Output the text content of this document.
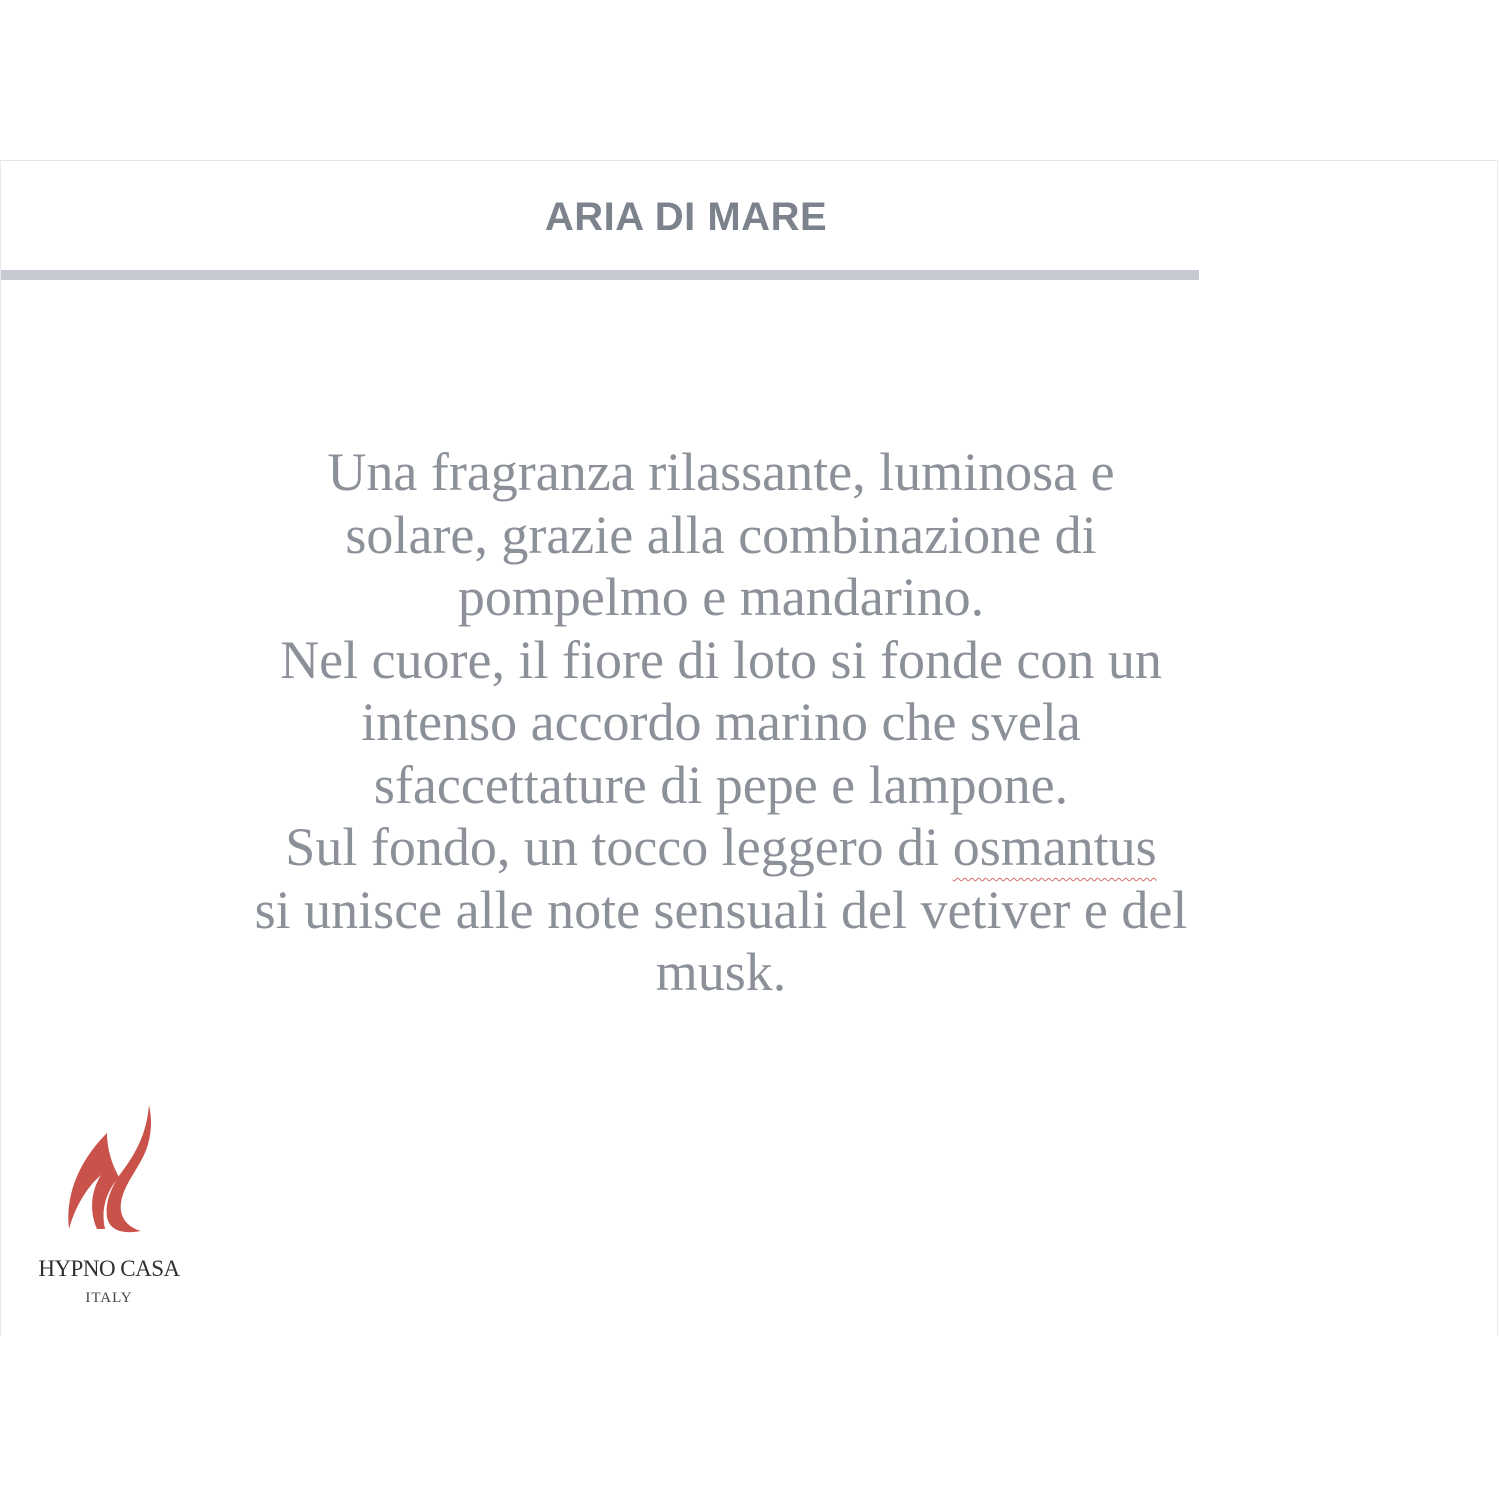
ARIA DI MARE
Una fragranza rilassante, luminosa e
solare, grazie alla combinazione di
pompelmo e mandarino.
Nel cuore, il fiore di loto si fonde con un
intenso accordo marino che svela
sfaccettature di pepe e lampone.
Sul fondo, un tocco leggero di osmantus
si unisce alle note sensuali del vetiver e del
musk.
HYPNO CASA
ITALY
